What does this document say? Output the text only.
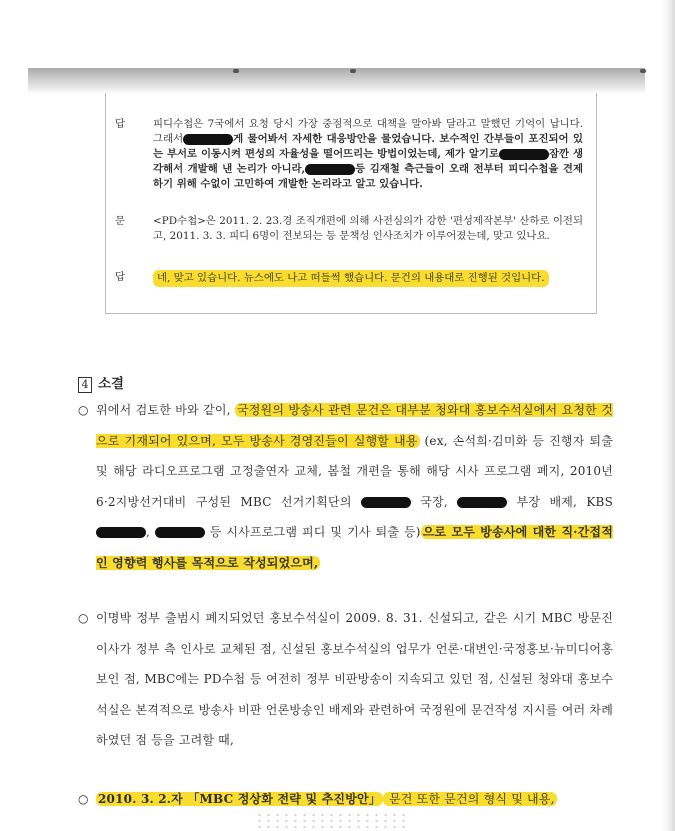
답	피디수첩은 7국에서 요청 당시 가장 중점적으로 대책을 말아봐 달라고 말했던 기억이 납니다. 그래서	게 물어봐서 자세한 대응방안을 물었습니다. 보수적인 간부들이 포진되어 있는 부서로 이동시켜 편성의 자율성을 떨어뜨리는 방법이었는데, 제가 알기로	잠깐 생각해서 개발해 낸 논리가 아니라,	등 김재철 측근들이 오래 전부터 피디수첩을 견제하기 위해 수없이 고민하여 개발한 논리라고 알고 있습니다.
문	<PD수첩>은 2011. 2. 23.경 조직개편에 의해 사전심의가 강한 '편성제작본부' 산하로 이전되고, 2011. 3. 3. 피디 6명이 전보되는 등 문책성 인사조치가 이루어졌는데, 맞고 있나요.
답	네, 맞고 있습니다. 뉴스에도 나고 떠들썩 했습니다. 문건의 내용대로 진행된 것입니다.
4 소결
○ 위에서 검토한 바와 같이, 국정원의 방송사 관련 문건은 대부분 청와대 홍보수석실에서 요청한 것으로 기재되어 있으며, 모두 방송사 경영진들이 실행할 내용 (ex, 손석희·김미화 등 진행자 퇴출 및 해당 라디오프로그램 고정출연자 교체, 봄철 개편을 통해 해당 시사 프로그램 폐지, 2010년 6·2지방선거대비 구성된 MBC 선거기획단의	국장,	부장 배제, KBS ,	등 시사프로그램 피디 및 기사 퇴출 등) 으로 모두 방송사에 대한 직·간접적인 영향력 행사를 목적으로 작성되었으며,
○ 이명박 정부 출범시 폐지되었던 홍보수석실이 2009. 8. 31. 신설되고, 같은 시기 MBC 방문진 이사가 정부 측 인사로 교체된 점, 신설된 홍보수석실의 업무가 언론·대변인·국정홍보·뉴미디어홍보인 점, MBC에는 PD수첩 등 여전히 정부 비판방송이 지속되고 있던 점, 신설된 청와대 홍보수석실은 본격적으로 방송사 비판 언론방송인 배제와 관련하여 국정원에 문건작성 지시를 여러 차례하였던 점 등을 고려할 때,
○ 2010. 3. 2.자 「MBC 정상화 전략 및 추진방안」 문건 또한 문건의 형식 및 내용,
